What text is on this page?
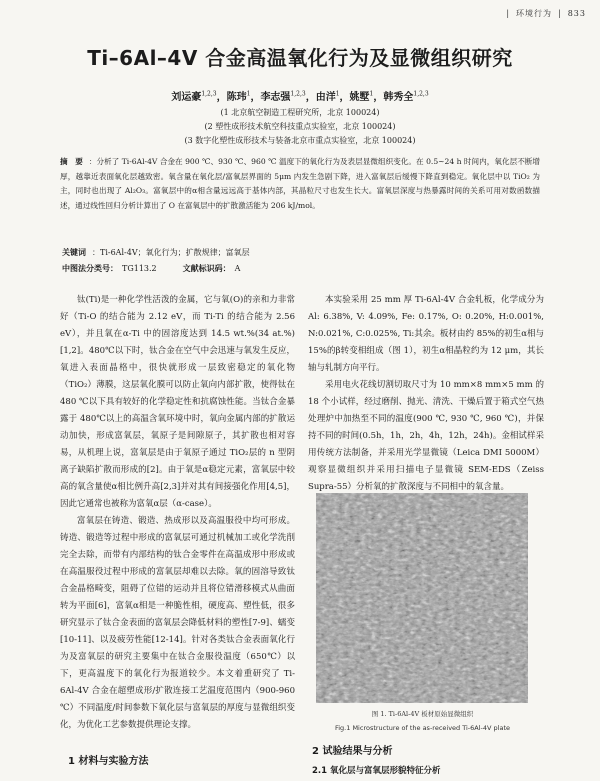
| 环境行为 | 833
Ti–6Al–4V 合金高温氧化行为及显微组织研究
刘运豪$^{1,2,3}$，陈玮$^1$，李志强$^{1,2,3}$，由洋$^1$，姚墅$^1$，韩秀全$^{1,2,3}$
(1 北京航空制造工程研究所，北京 100024)
(2 塑性成形技术航空科技重点实验室，北京 100024)
(3 数字化塑性成形技术与装备北京市重点实验室，北京 100024)
摘　要 ：分析了 Ti-6Al-4V 合金在 900 ℃、930 ℃、960 ℃ 温度下的氧化行为及表层显微组织变化。在 0.5~24 h 时间内，氧化层不断增厚，越靠近表面氧化层越致密。氧含量在氧化层/富氧层界面的 5μm 内发生急剧下降，进入富氧层后缓慢下降直到稳定。氧化层中以 TiO₂ 为主，同时也出现了 Al₂O₃。富氧层中的α相含量远远高于基体内部，其晶粒尺寸也发生长大。富氧层深度与热暴露时间的关系可用对数函数描述，通过线性回归分析计算出了 O 在富氧层中的扩散激活能为 206 kJ/mol。
关键词 ：Ti-6Al-4V；氧化行为；扩散规律；富氧层
中图法分类号： TG113.2	文献标识码： A

钛(Ti)是一种化学性活泼的金属，它与氧(O)的亲和力非常好（Ti-O 的结合能为 2.12 eV，而 Ti-Ti 的结合能为 2.56 eV），并且氧在α-Ti 中的固溶度达到 14.5 wt.%(34 at.%)[1,2]。480℃以下时，钛合金在空气中会迅速与氧发生反应，氧进入表面晶格中，很快就形成一层致密稳定的氧化物（TiO₂）薄膜，这层氧化膜可以防止氧向内部扩散，使得钛在 480 ℃以下具有较好的化学稳定性和抗腐蚀性能。当钛合金暴露于 480℃以上的高温含氧环境中时，氧向金属内部的扩散运动加快，形成富氧层，氧原子是间隙原子，其扩散也相对容易，从机理上说，富氧层是由于氧原子通过 TiO₂层的 n 型阴离子缺陷扩散而形成的[2]。由于氧是α稳定元素，富氧层中较高的氧含量使α相比例升高[2,3]并对其有间接强化作用[4,5]，因此它通常也被称为富氧α层（α-case）。

富氧层在铸造、锻造、热成形以及高温服役中均可形成。铸造、锻造等过程中形成的富氧层可通过机械加工或化学洗削完全去除，而带有内部结构的钛合金零件在高温成形中形成或在高温服役过程中形成的富氧层却难以去除。氧的固溶导致钛合金晶格畸变，阻碍了位错的运动并且将位错滑移模式从曲面转为平面[6]，富氧α相是一种脆性相，硬度高、塑性低，很多研究显示了钛合金表面的富氧层会降低材料的塑性[7-9]、蠕变[10-11]、以及疲劳性能[12-14]。针对各类钛合金表面氧化行为及富氧层的研究主要集中在钛合金服役温度（650℃）以下，更高温度下的氧化行为报道较少。本文着重研究了 Ti-6Al-4V 合金在超塑成形/扩散连接工艺温度范围内（900-960 ℃）不同温度/时间参数下氧化层与富氧层的厚度与显微组织变化，为优化工艺参数提供理论支撑。

1 材料与实验方法

本实验采用 25 mm 厚 Ti-6Al-4V 合金轧板，化学成分为 Al: 6.38%, V: 4.09%, Fe: 0.17%, O: 0.20%, H:0.001%, N:0.021%, C:0.025%, Ti:其余。板材由约 85%的初生α相与 15%的β转变相组成（图 1），初生α相晶粒约为 12 μm，其长轴与轧制方向平行。

采用电火花线切割切取尺寸为 10 mm×8 mm×5 mm 的 18 个小试样，经过磨削、抛光、清洗、干燥后置于箱式空气热处理炉中加热至不同的温度(900 ℃, 930 ℃, 960 ℃)，并保持不同的时间(0.5h，1h，2h，4h，12h，24h)。金相试样采用传统方法制备，并采用光学显微镜（Leica DMI 5000M）观察显微组织并采用扫描电子显微镜 SEM-EDS（Zeiss Supra-55）分析氧的扩散深度与不同相中的氧含量。

图 1. Ti-6Al-4V 板材原始显微组织
Fig.1 Microstructure of the as-received Ti-6Al-4V plate
2 试验结果与分析
2.1 氧化层与富氧层形貌特征分析
